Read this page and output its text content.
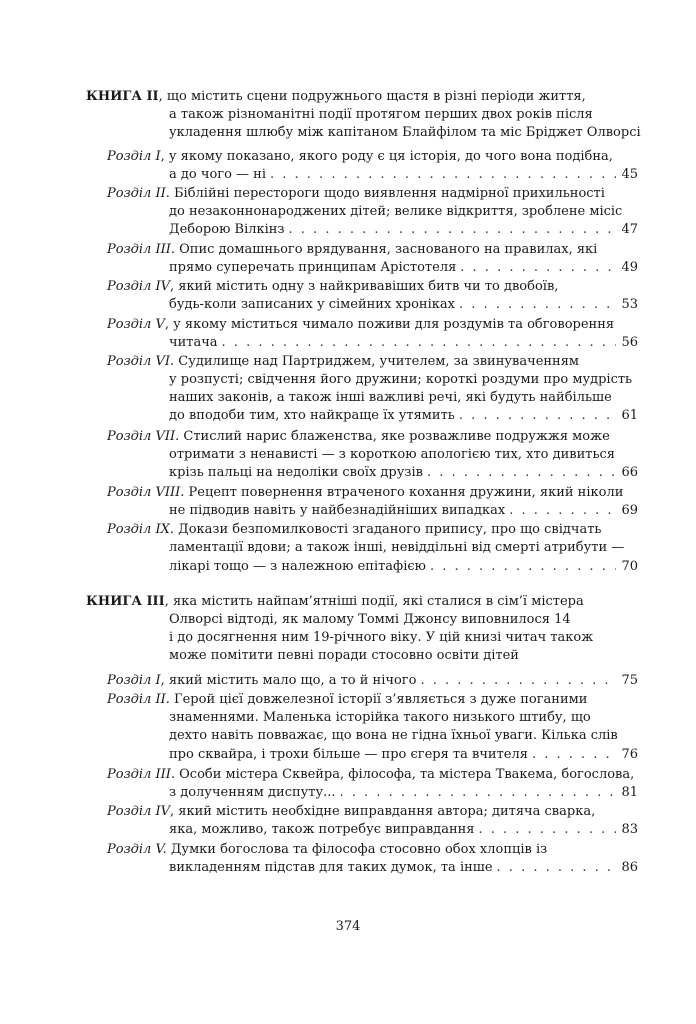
КНИГА ІІ, що містить сцени подружнього щастя в різні періоди життя,
а також різноманітні події протягом перших двох років після
укладення шлюбу між капітаном Блайфілом та міс Бріджет Олворсі
Розділ І, у якому показано, якого роду є ця історія, до чого вона подібна,
а до чого — ні . . .	45
Розділ ІІ. Біблійні перестороги щодо виявлення надмірної прихильності
до незаконнонароджених дітей; велике відкриття, зроблене місіс
Деборою Вілкінз . . .	47
Розділ ІІІ. Опис домашнього врядування, заснованого на правилах, які
прямо суперечать принципам Арістотеля . . .	49
Розділ IV, який містить одну з найкривавіших битв чи то двобоїв,
будь-коли записаних у сімейних хроніках . . .	53
Розділ V, у якому міститься чимало поживи для роздумів та обговорення
читача . . .	56
Розділ VI. Судилище над Партриджем, учителем, за звинуваченням
у розпусті; свідчення його дружини; короткі роздуми про мудрість
наших законів, а також інші важливі речі, які будуть найбільше
до вподоби тим, хто найкраще їх утямить . . .	61
Розділ VII. Стислий нарис блаженства, яке розважливе подружжя може
отримати з ненависті — з короткою апологією тих, хто дивиться
крізь пальці на недоліки своїх друзів . . .	66
Розділ VIII. Рецепт повернення втраченого кохання дружини, який ніколи
не підводив навіть у найбезнадійніших випадках . . .	69
Розділ IX. Докази безпомилковості згаданого припису, про що свідчать
ламентації вдови; а також інші, невіддільні від смерті атрибути —
лікарі тощо — з належною епітафією . . .	70
КНИГА ІІІ, яка містить найпам’ятніші події, які сталися в сім’ї містера
Олворсі відтоді, як малому Томмі Джонсу виповнилося 14
і до досягнення ним 19-річного віку. У цій книзі читач також
може помітити певні поради стосовно освіти дітей
Розділ І, який містить мало що, а то й нічого . . .	75
Розділ ІІ. Герой цієї довжелезної історії з’являється з дуже поганими
знаменнями. Маленька історійка такого низького штибу, що
дехто навіть повважає, що вона не гідна їхньої уваги. Кілька слів
про сквайра, і трохи більше — про єгеря та вчителя . . .	76
Розділ ІІІ. Особи містера Сквейра, філософа, та містера Твакема, богослова,
з долученням диспуту... . . .	81
Розділ IV, який містить необхідне виправдання автора; дитяча сварка,
яка, можливо, також потребує виправдання . . .	83
Розділ V. Думки богослова та філософа стосовно обох хлопців із
викладенням підстав для таких думок, та інше . . .	86
374
